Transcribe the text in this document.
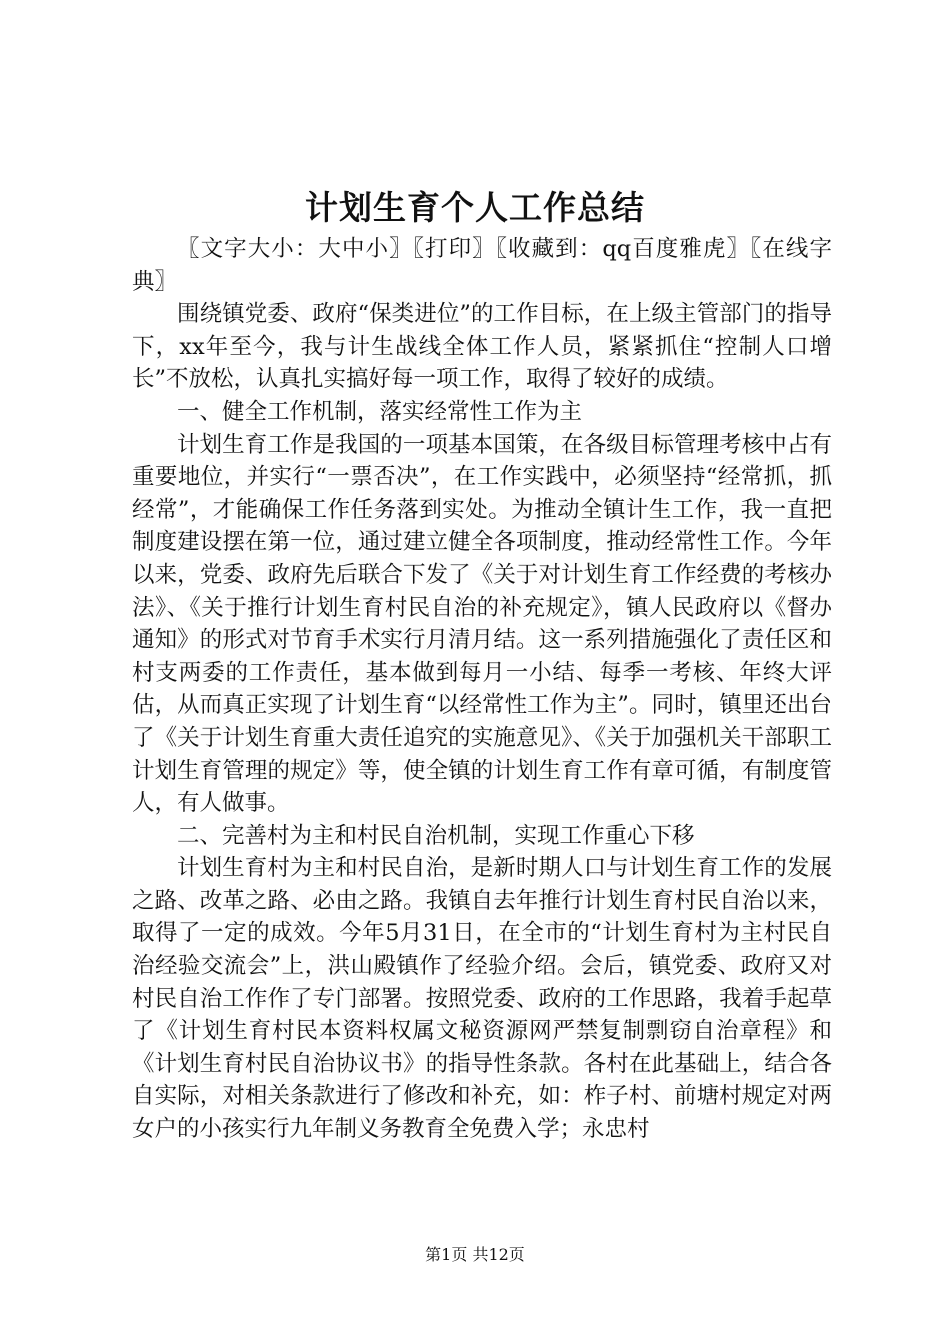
计划生育个人工作总结

〖文字大小：大中小〗〖打印〗〖收藏到：qq百度雅虎〗〖在线字典〗

围绕镇党委、政府“保类进位”的工作目标，在上级主管部门的指导下，xx年至今，我与计生战线全体工作人员，紧紧抓住“控制人口增长”不放松，认真扎实搞好每一项工作，取得了较好的成绩。

一、健全工作机制，落实经常性工作为主

计划生育工作是我国的一项基本国策，在各级目标管理考核中占有重要地位，并实行“一票否决”，在工作实践中，必须坚持“经常抓，抓经常”，才能确保工作任务落到实处。为推动全镇计生工作，我一直把制度建设摆在第一位，通过建立健全各项制度，推动经常性工作。今年以来，党委、政府先后联合下发了《关于对计划生育工作经费的考核办法》、《关于推行计划生育村民自治的补充规定》，镇人民政府以《督办通知》的形式对节育手术实行月清月结。这一系列措施强化了责任区和村支两委的工作责任，基本做到每月一小结、每季一考核、年终大评估，从而真正实现了计划生育“以经常性工作为主”。同时，镇里还出台了《关于计划生育重大责任追究的实施意见》、《关于加强机关干部职工计划生育管理的规定》等，使全镇的计划生育工作有章可循，有制度管人，有人做事。

二、完善村为主和村民自治机制，实现工作重心下移

计划生育村为主和村民自治，是新时期人口与计划生育工作的发展之路、改革之路、必由之路。我镇自去年推行计划生育村民自治以来，取得了一定的成效。今年5月31日，在全市的“计划生育村为主村民自治经验交流会”上，洪山殿镇作了经验介绍。会后，镇党委、政府又对村民自治工作作了专门部署。按照党委、政府的工作思路，我着手起草了《计划生育村民本资料权属文秘资源网严禁复制剽窃自治章程》和《计划生育村民自治协议书》的指导性条款。各村在此基础上，结合各自实际，对相关条款进行了修改和补充，如：柞子村、前塘村规定对两女户的小孩实行九年制义务教育全免费入学；永忠村

第1页 共12页
